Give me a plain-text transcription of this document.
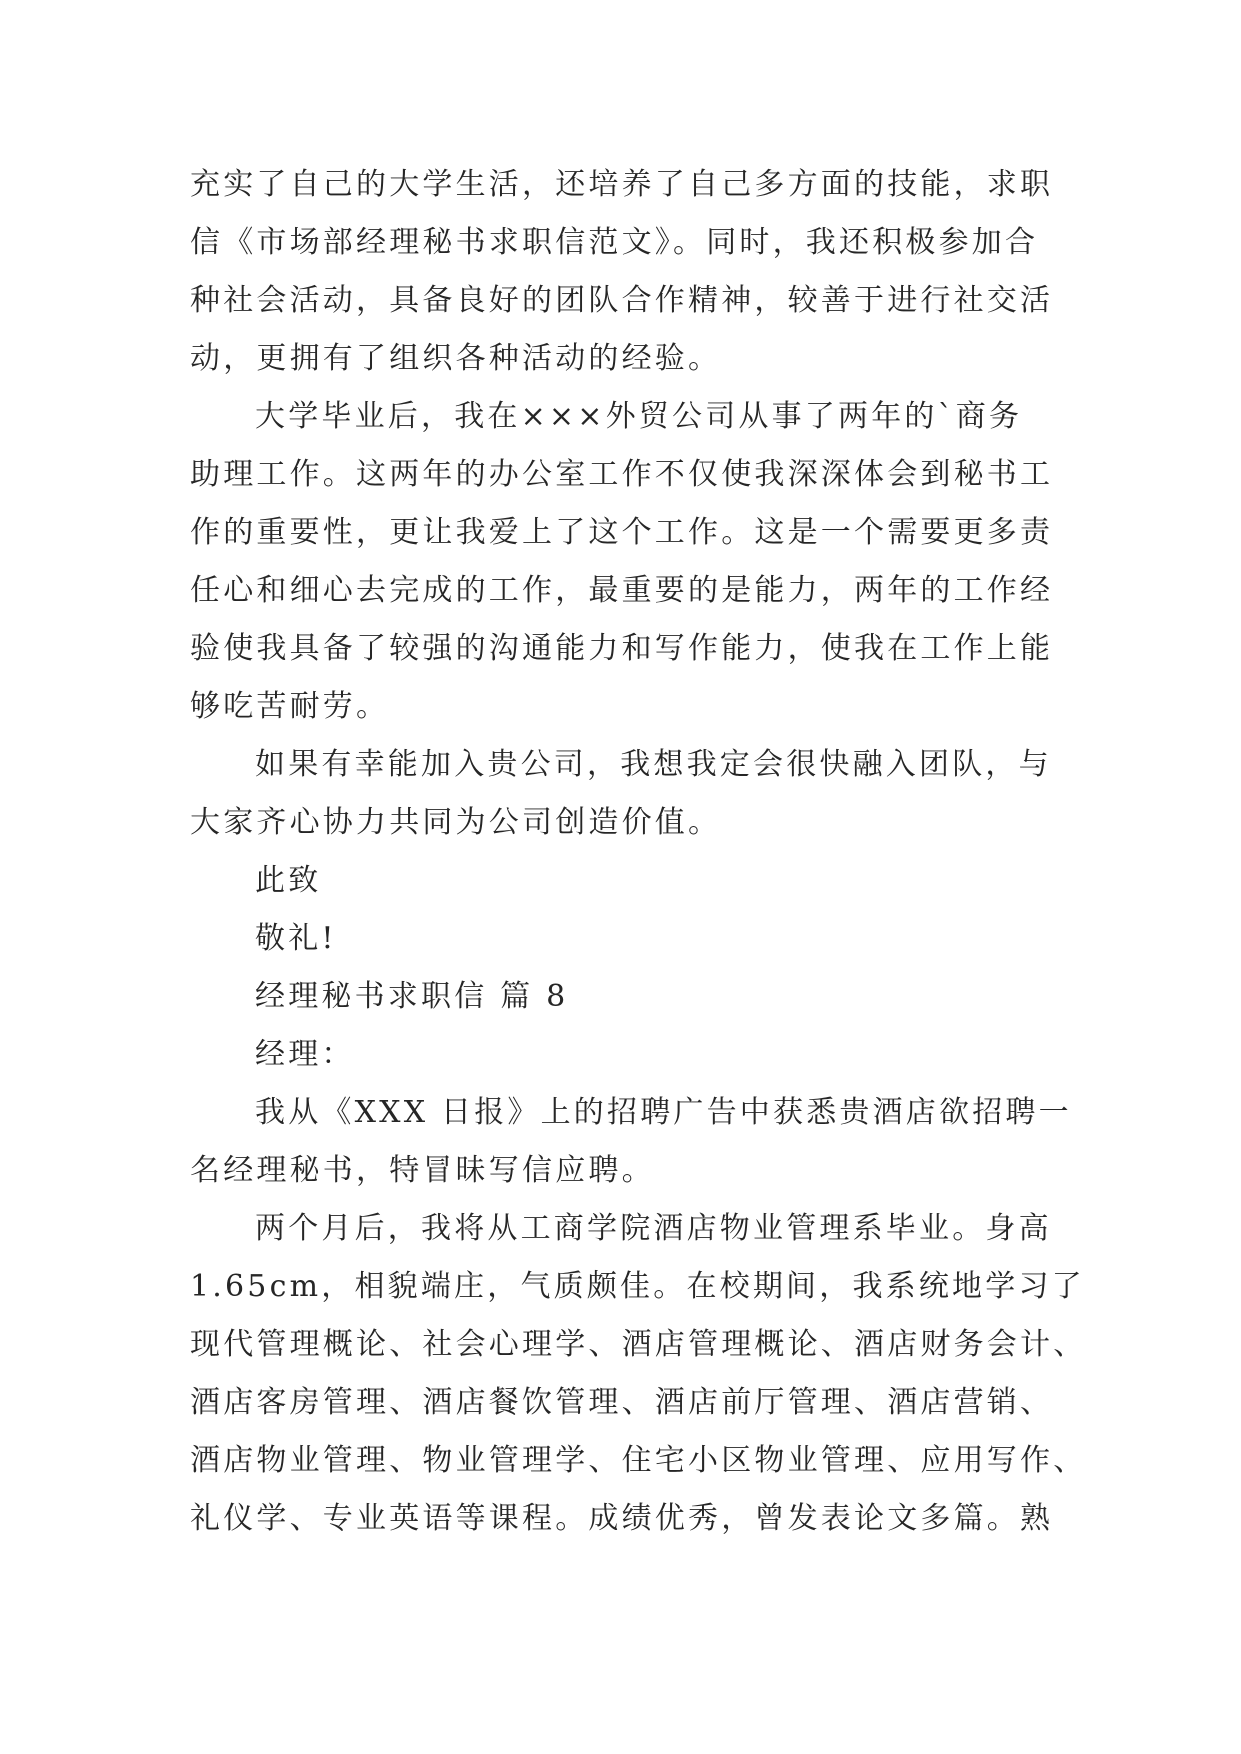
充实了自己的大学生活，还培养了自己多方面的技能，求职
信《市场部经理秘书求职信范文》。同时，我还积极参加合
种社会活动，具备良好的团队合作精神，较善于进行社交活
动，更拥有了组织各种活动的经验。
大学毕业后，我在×××外贸公司从事了两年的`商务
助理工作。这两年的办公室工作不仅使我深深体会到秘书工
作的重要性，更让我爱上了这个工作。这是一个需要更多责
任心和细心去完成的工作，最重要的是能力，两年的工作经
验使我具备了较强的沟通能力和写作能力，使我在工作上能
够吃苦耐劳。
如果有幸能加入贵公司，我想我定会很快融入团队，与
大家齐心协力共同为公司创造价值。
此致
敬礼!
经理秘书求职信 篇 8
经理：
我从《XXX 日报》上的招聘广告中获悉贵酒店欲招聘一
名经理秘书，特冒昧写信应聘。
两个月后，我将从工商学院酒店物业管理系毕业。身高
1.65cm，相貌端庄，气质颇佳。在校期间，我系统地学习了
现代管理概论、社会心理学、酒店管理概论、酒店财务会计、
酒店客房管理、酒店餐饮管理、酒店前厅管理、酒店营销、
酒店物业管理、物业管理学、住宅小区物业管理、应用写作、
礼仪学、专业英语等课程。成绩优秀，曾发表论文多篇。熟
